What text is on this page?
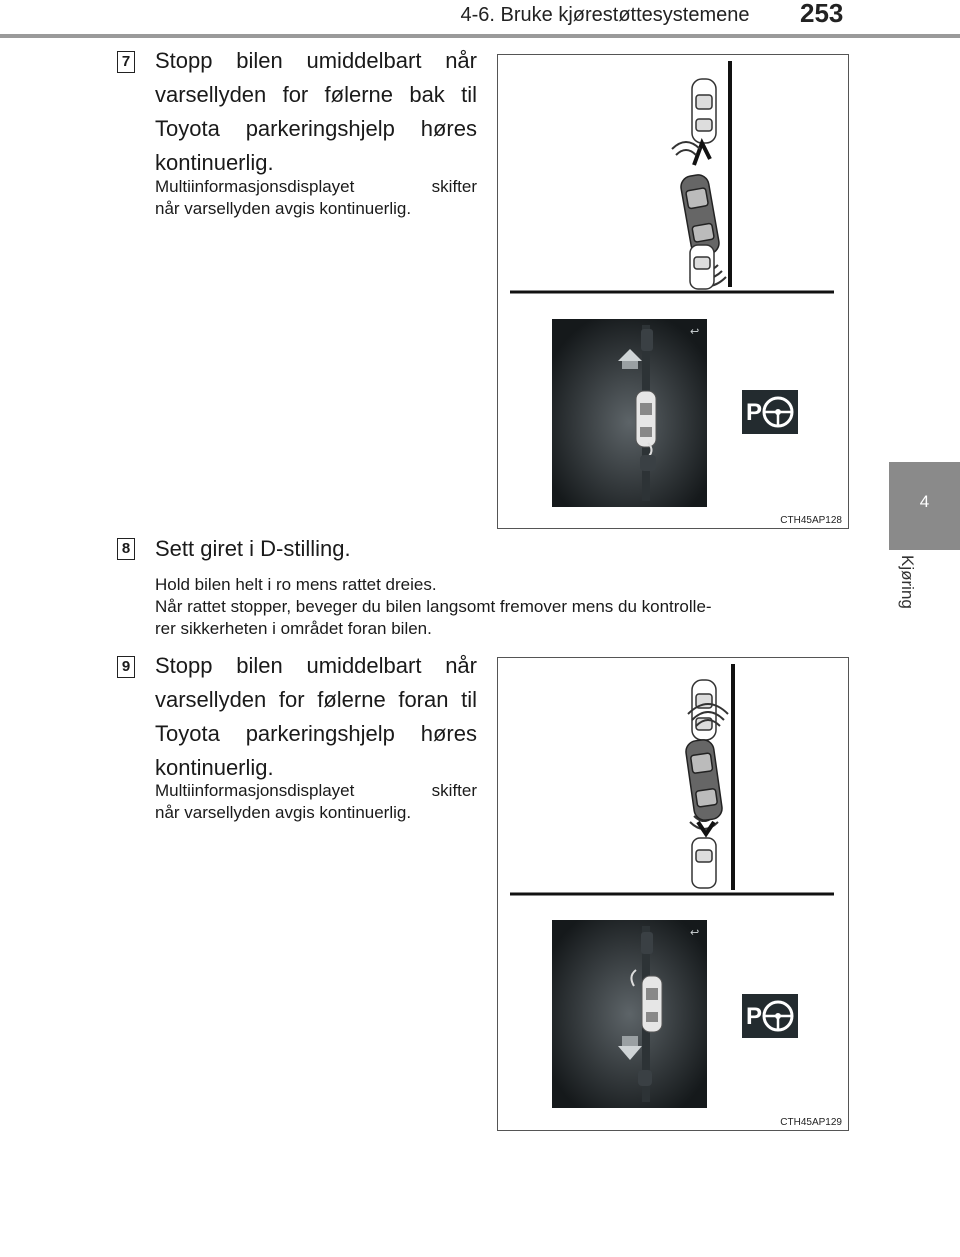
4-6. Bruke kjørestøttesystemene	253
4
Kjøring
7 Stopp bilen umiddelbart når
varsellyden for følerne bak til
Toyota parkeringshjelp høres
kontinuerlig.
Multiinformasjonsdisplayet skifter
når varsellyden avgis kontinuerlig.
↩
P
CTH45AP128
8 Sett giret i D-stilling.
Hold bilen helt i ro mens rattet dreies.
Når rattet stopper, beveger du bilen langsomt fremover mens du kontrolle-
rer sikkerheten i området foran bilen.
9 Stopp bilen umiddelbart når
varsellyden for følerne foran til
Toyota parkeringshjelp høres
kontinuerlig.
Multiinformasjonsdisplayet skifter
når varsellyden avgis kontinuerlig.
↩
P
CTH45AP129
